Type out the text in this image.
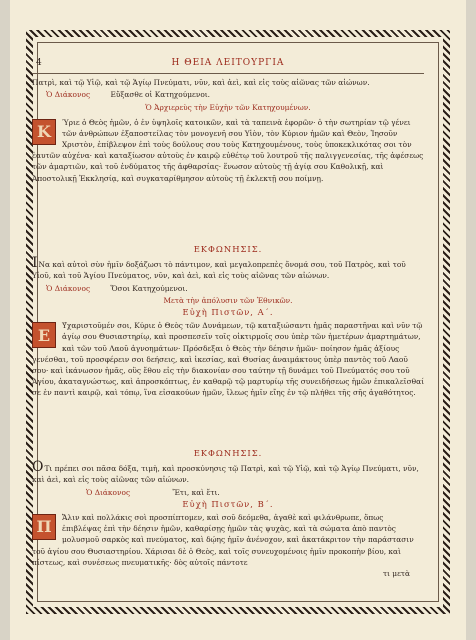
4	Η ΘΕΙΑ ΛΕΙΤΟΥΡΓΙΑ

Πατρὶ, καὶ τῷ Υἱῷ, καὶ τῷ Ἁγίῳ Πνεύματι, νῦν, καὶ ἀεὶ, καὶ εἰς τοὺς αἰῶνας τῶν αἰώνων.

Ὁ Διάκονος	Εὔξασθε οἱ Κατηχούμενοι.

Ὁ Ἀρχιερεὺς τὴν Εὐχὴν τῶν Κατηχουμένων.

Κ	Ύριε ὁ Θεὸς ἡμῶν, ὁ ἐν ὑψηλοῖς κατοικῶν, καὶ τὰ ταπεινὰ ἐφορῶν· ὁ τὴν σωτηρίαν τῷ γένει τῶν ἀνθρώπων ἐξαποστείλας τὸν μονογενῆ σου Υἱὸν, τὸν Κύριον ἡμῶν καὶ Θεὸν, Ἰησοῦν Χριστὸν, ἐπίβλεψον ἐπὶ τοὺς δούλους σου τοὺς Κατηχουμένους, τοὺς ὑποκεκλικότας σοι τὸν ἑαυτῶν αὐχένα· καὶ καταξίωσον αὐτοὺς ἐν καιρῷ εὐθέτῳ τοῦ λουτροῦ τῆς παλιγγενεσίας, τῆς ἀφέσεως τῶν ἁμαρτιῶν, καὶ τοῦ ἐνδύματος τῆς ἀφθαρσίας· ἕνωσον αὐτοὺς τῇ ἁγίᾳ σου Καθολικῇ, καὶ Ἀποστολικῇ Ἐκκλησίᾳ, καὶ συγκαταρίθμησον αὐτοὺς τῇ ἐκλεκτῇ σου ποίμνῃ.

ΕΚΦΩΝΗΣΙΣ.

ΙΝα καὶ αὐτοὶ σὺν ἡμῖν δοξάζωσι τὸ πάντιμον, καὶ μεγαλοπρεπὲς ὄνομά σου, τοῦ Πατρὸς, καὶ τοῦ Υἱοῦ, καὶ τοῦ Ἁγίου Πνεύματος, νῦν, καὶ ἀεὶ, καὶ εἰς τοὺς αἰῶνας τῶν αἰώνων.

Ὁ Διάκονος	Ὅσοι Κατηχούμενοι.

Μετὰ τὴν ἀπόλυσιν τῶν Ἐθνικῶν.

Εὐχὴ Πιστῶν, Α΄.

Ε	Υ̓χαριστοῦμέν σοι, Κύριε ὁ Θεὸς τῶν Δυνάμεων, τῷ καταξιώσαντι ἡμᾶς παραστῆναι καὶ νῦν τῷ ἁγίῳ σου Θυσιαστηρίῳ, καὶ προσπεσεῖν τοῖς οἰκτιρμοῖς σου ὑπὲρ τῶν ἡμετέρων ἁμαρτημάτων, καὶ τῶν τοῦ Λαοῦ ἀγνοημάτων· Πρόσδεξαι ὁ Θεὸς τὴν δέησιν ἡμῶν· ποίησον ἡμᾶς ἀξίους γενέσθαι, τοῦ προσφέρειν σοι δεήσεις, καὶ ἱκεσίας, καὶ Θυσίας ἀναιμάκτους ὑπὲρ παντὸς τοῦ Λαοῦ σου· καὶ ἱκάνωσον ἡμᾶς, οὓς ἔθου εἰς τὴν διακονίαν σου ταύτην τῇ δυνάμει τοῦ Πνεύματός σου τοῦ Ἁγίου, ἀκαταγνώστως, καὶ ἀπροσκόπτως, ἐν καθαρῷ τῷ μαρτυρίῳ τῆς συνειδήσεως ἡμῶν ἐπικαλεῖσθαί σε ἐν παντὶ καιρῷ, καὶ τόπῳ, ἵνα εἰσακούων ἡμῶν, ἵλεως ἡμῖν εἴης ἐν τῷ πλήθει τῆς σῆς ἀγαθότητος.

ΕΚΦΩΝΗΣΙΣ.

ΟΤι πρέπει σοι πᾶσα δόξα, τιμὴ, καὶ προσκύνησις τῷ Πατρὶ, καὶ τῷ Υἱῷ, καὶ τῷ Ἁγίῳ Πνεύματι, νῦν, καὶ ἀεὶ, καὶ εἰς τοὺς αἰῶνας τῶν αἰώνων.

Ὁ Διάκονος	Ἔτι, καὶ ἔτι.

Εὐχὴ Πιστῶν, Β΄.

Π	Ἄλιν καὶ πολλάκις σοὶ προσπίπτομεν, καὶ σοῦ δεόμεθα, ἀγαθὲ καὶ φιλάνθρωπε, ὅπως ἐπιβλέψας ἐπὶ τὴν δέησιν ἡμῶν, καθαρίσῃς ἡμῶν τὰς ψυχὰς, καὶ τὰ σώματα ἀπὸ παντὸς μολυσμοῦ σαρκὸς καὶ πνεύματος, καὶ δῴης ἡμῖν ἀνένοχον, καὶ ἀκατάκριτον τὴν παράστασιν τοῦ ἁγίου σου Θυσιαστηρίου. Χάρισαι δὲ ὁ Θεὸς, καὶ τοῖς συνευχομένοις ἡμῖν προκοπὴν βίου, καὶ πίστεως, καὶ συνέσεως πνευματικῆς· δὸς αὐτοῖς πάντοτε

τι μετὰ
